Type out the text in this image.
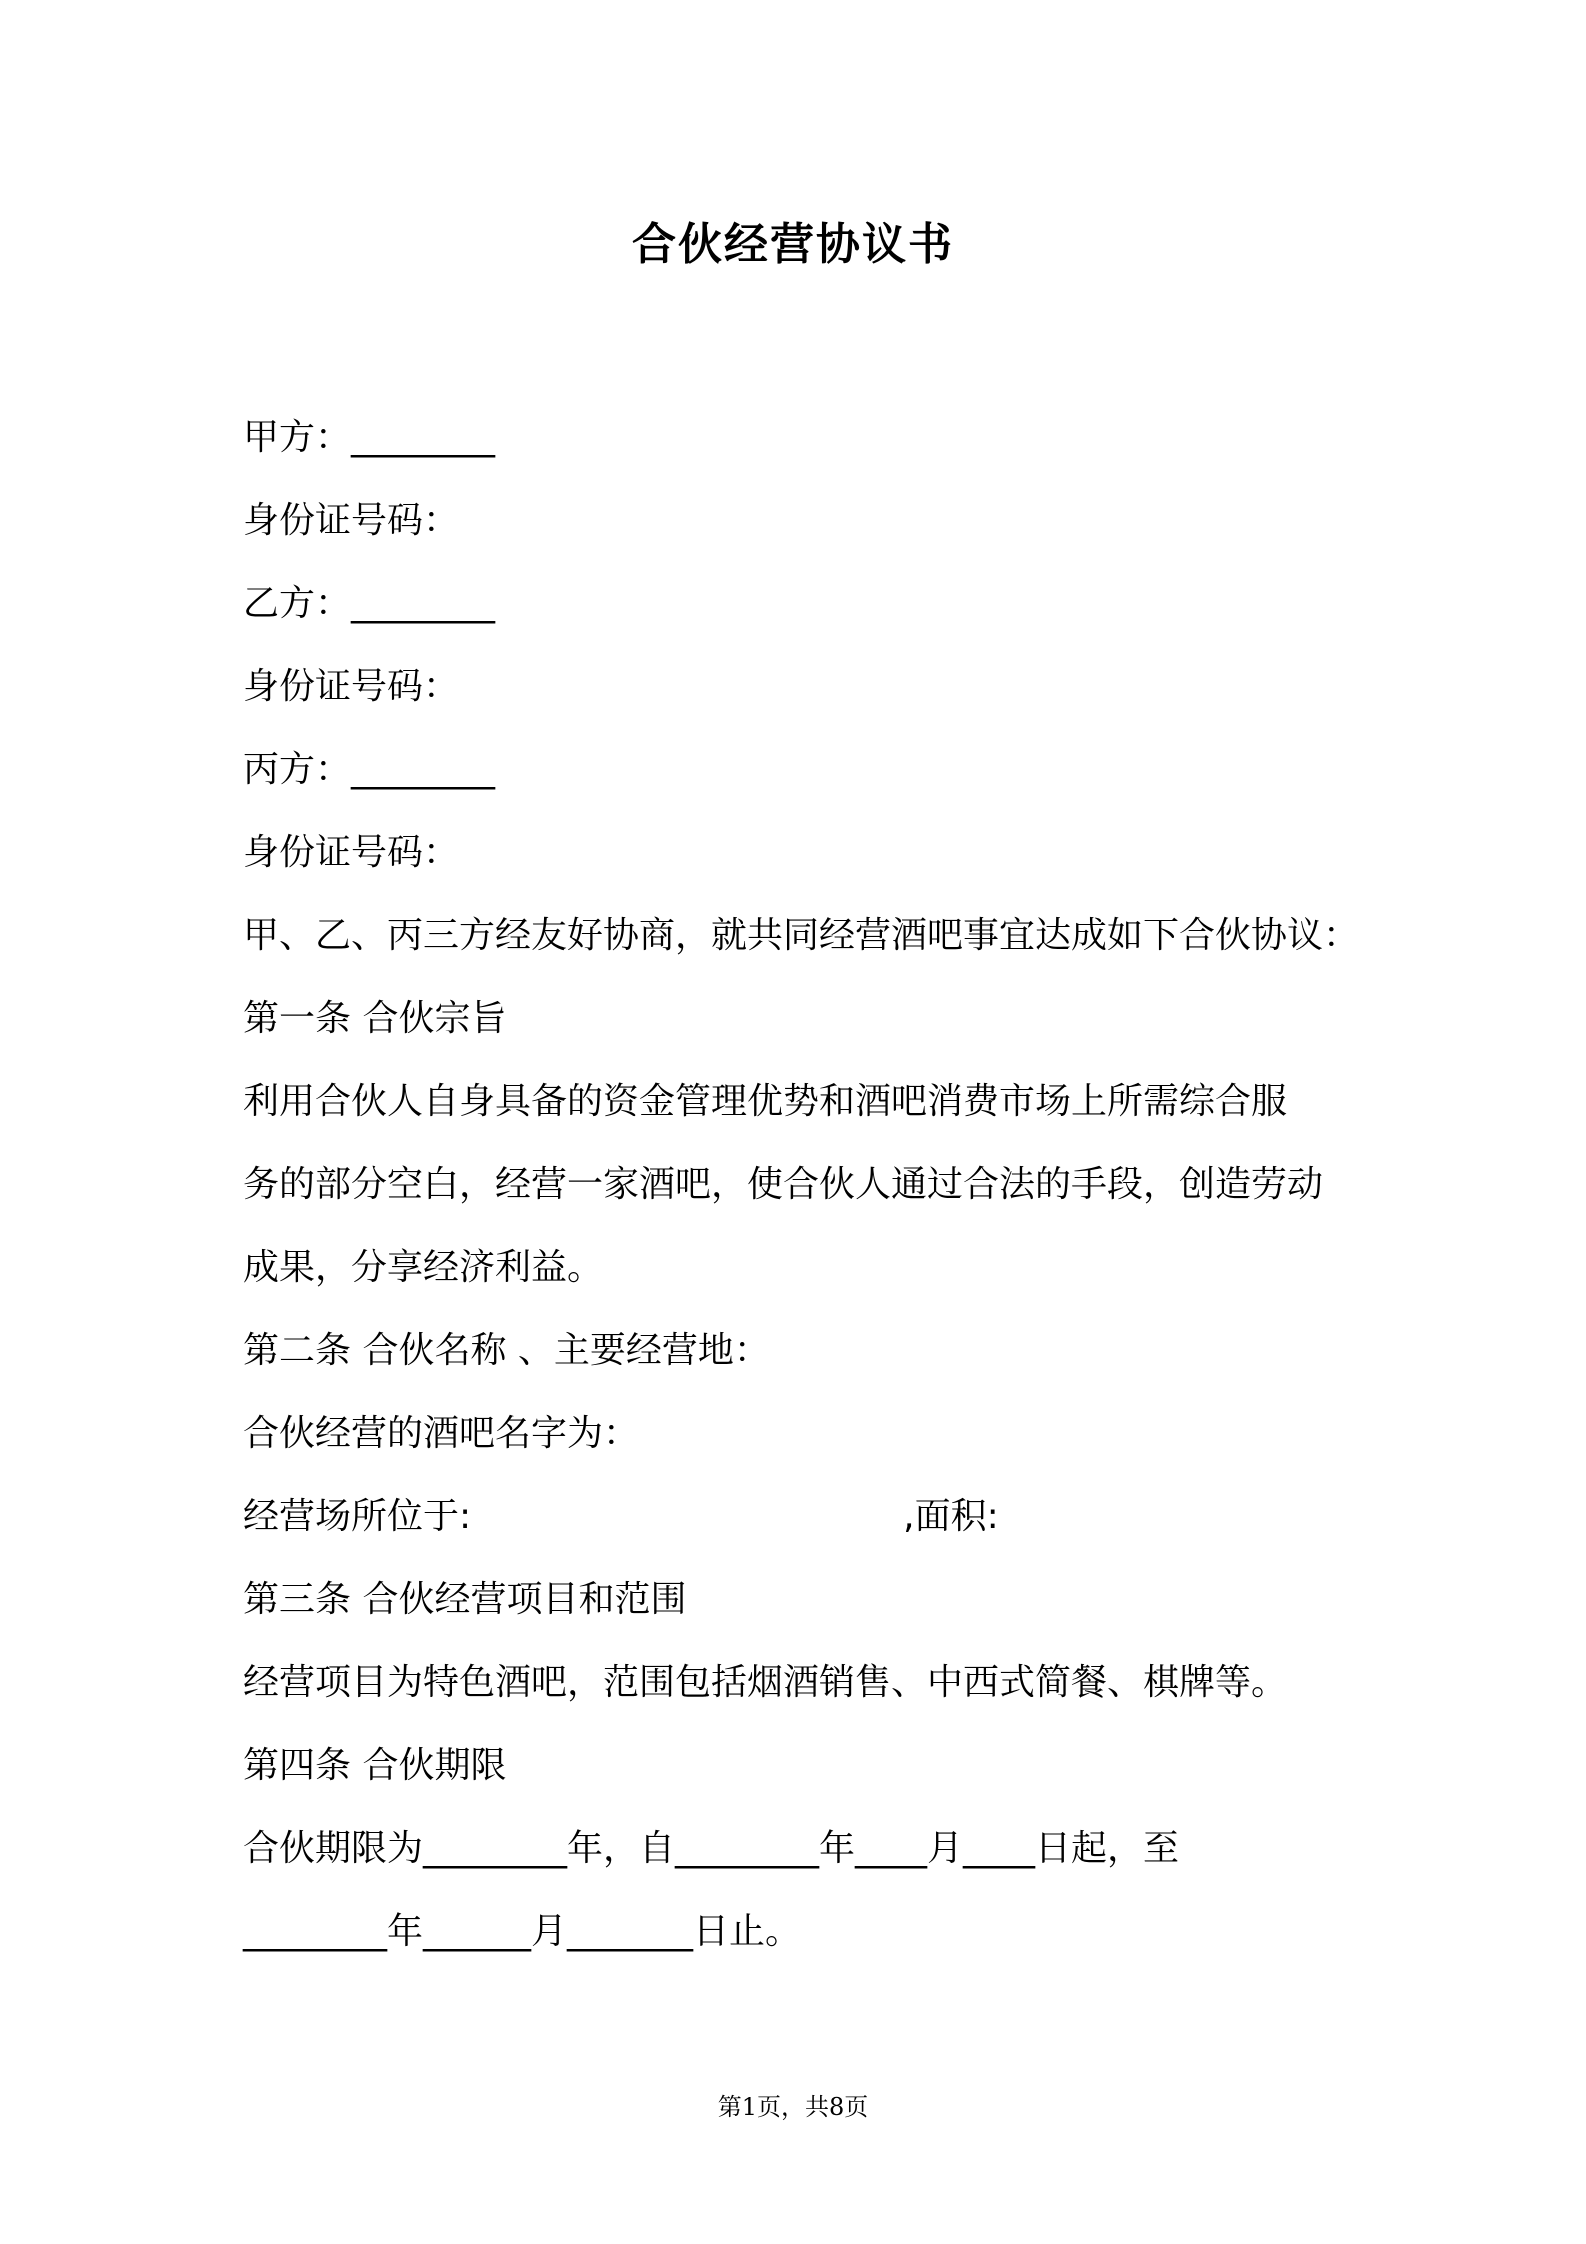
合伙经营协议书
甲方：________
身份证号码：
乙方：________
身份证号码：
丙方：________
身份证号码：
甲、乙、丙三方经友好协商，就共同经营酒吧事宜达成如下合伙协议：
第一条 合伙宗旨
利用合伙人自身具备的资金管理优势和酒吧消费市场上所需综合服
务的部分空白，经营一家酒吧，使合伙人通过合法的手段，创造劳动
成果，分享经济利益。
第二条 合伙名称 、主要经营地：
合伙经营的酒吧名字为：
经营场所位于:	,面积:
第三条 合伙经营项目和范围
经营项目为特色酒吧，范围包括烟酒销售、中西式简餐、棋牌等。
第四条 合伙期限
合伙期限为________年，自________年____月____日起，至
________年______月_______日止。
第1页，共8页
